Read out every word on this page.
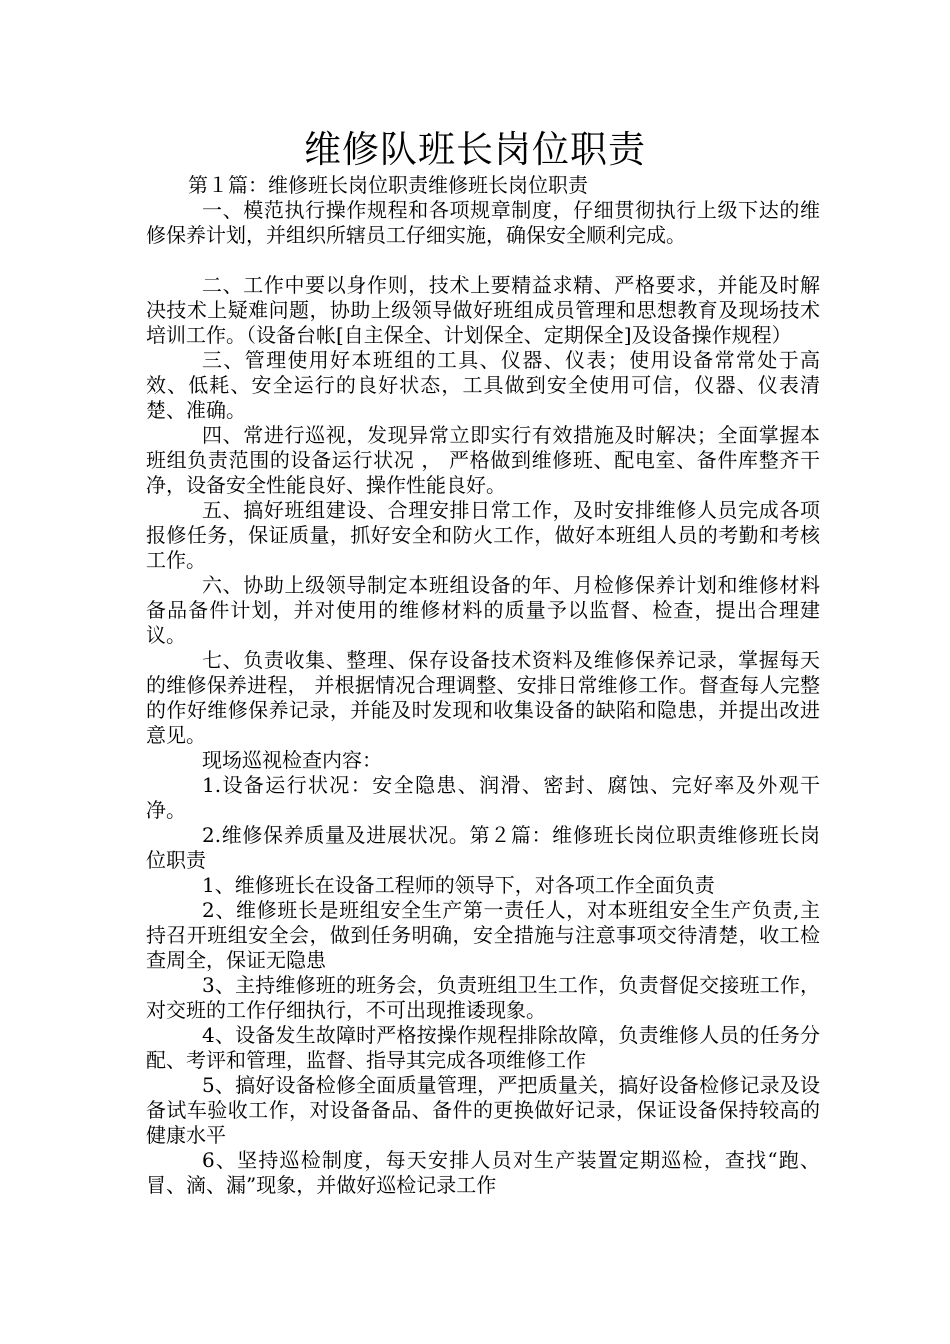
维修队班长岗位职责

第１篇：维修班长岗位职责维修班长岗位职责

一、模范执行操作规程和各项规章制度，仔细贯彻执行上级下达的维修保养计划，并组织所辖员工仔细实施，确保安全顺利完成。

二、工作中要以身作则，技术上要精益求精、严格要求，并能及时解决技术上疑难问题，协助上级领导做好班组成员管理和思想教育及现场技术培训工作。（设备台帐[自主保全、计划保全、定期保全]及设备操作规程）

三、管理使用好本班组的工具、仪器、仪表；使用设备常常处于高效、低耗、安全运行的良好状态，工具做到安全使用可信，仪器、仪表清楚、准确。

四、常进行巡视，发现异常立即实行有效措施及时解决；全面掌握本班组负责范围的设备运行状况 ， 严格做到维修班、配电室、备件库整齐干净，设备安全性能良好、操作性能良好。

五、搞好班组建设、合理安排日常工作，及时安排维修人员完成各项报修任务，保证质量，抓好安全和防火工作，做好本班组人员的考勤和考核工作。

六、协助上级领导制定本班组设备的年、月检修保养计划和维修材料备品备件计划，并对使用的维修材料的质量予以监督、检查，提出合理建议。

七、负责收集、整理、保存设备技术资料及维修保养记录，掌握每天的维修保养进程， 并根据情况合理调整、安排日常维修工作。督查每人完整的作好维修保养记录，并能及时发现和收集设备的缺陷和隐患，并提出改进意见。

现场巡视检查内容：

1.设备运行状况：安全隐患、润滑、密封、腐蚀、完好率及外观干净。

2.维修保养质量及进展状况。第２篇：维修班长岗位职责维修班长岗位职责

1、维修班长在设备工程师的领导下，对各项工作全面负责

2、维修班长是班组安全生产第一责任人，对本班组安全生产负责,主持召开班组安全会，做到任务明确，安全措施与注意事项交待清楚，收工检查周全，保证无隐患

3、主持维修班的班务会，负责班组卫生工作，负责督促交接班工作，对交班的工作仔细执行，不可出现推诿现象。

4、设备发生故障时严格按操作规程排除故障，负责维修人员的任务分配、考评和管理，监督、指导其完成各项维修工作

5、搞好设备检修全面质量管理，严把质量关，搞好设备检修记录及设备试车验收工作，对设备备品、备件的更换做好记录，保证设备保持较高的健康水平

6、坚持巡检制度，每天安排人员对生产装置定期巡检，查找“跑、冒、滴、漏”现象，并做好巡检记录工作
